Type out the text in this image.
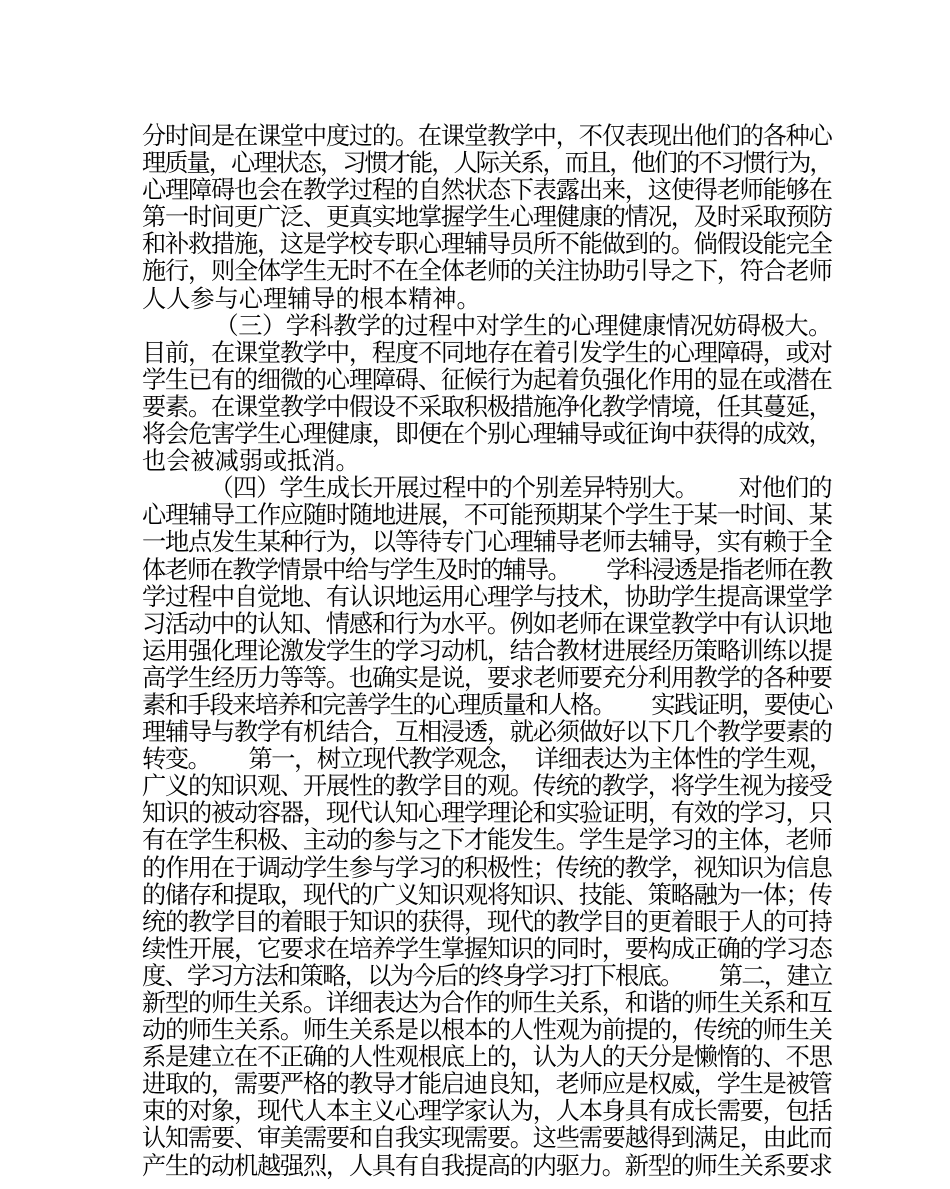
分时间是在课堂中度过的。在课堂教学中，不仅表现出他们的各种心
理质量，心理状态，习惯才能，人际关系，而且，他们的不习惯行为，
心理障碍也会在教学过程的自然状态下表露出来，这使得老师能够在
第一时间更广泛、更真实地掌握学生心理健康的情况，及时采取预防
和补救措施，这是学校专职心理辅导员所不能做到的。倘假设能完全
施行，则全体学生无时不在全体老师的关注协助引导之下，符合老师
人人参与心理辅导的根本精神。
（三）学科教学的过程中对学生的心理健康情况妨碍极大。
目前，在课堂教学中，程度不同地存在着引发学生的心理障碍，或对
学生已有的细微的心理障碍、征候行为起着负强化作用的显在或潜在
要素。在课堂教学中假设不采取积极措施净化教学情境，任其蔓延，
将会危害学生心理健康，即便在个别心理辅导或征询中获得的成效，
也会被减弱或抵消。
（四）学生成长开展过程中的个别差异特别大。      对他们的
心理辅导工作应随时随地进展，不可能预期某个学生于某一时间、某
一地点发生某种行为，以等待专门心理辅导老师去辅导，实有赖于全
体老师在教学情景中给与学生及时的辅导。      学科浸透是指老师在教
学过程中自觉地、有认识地运用心理学与技术，协助学生提高课堂学
习活动中的认知、情感和行为水平。例如老师在课堂教学中有认识地
运用强化理论激发学生的学习动机，结合教材进展经历策略训练以提
高学生经历力等等。也确实是说，要求老师要充分利用教学的各种要
素和手段来培养和完善学生的心理质量和人格。      实践证明，要使心
理辅导与教学有机结合，互相浸透，就必须做好以下几个教学要素的
转变。      第一，树立现代教学观念，  详细表达为主体性的学生观，
广义的知识观、开展性的教学目的观。传统的教学，将学生视为接受
知识的被动容器，现代认知心理学理论和实验证明，有效的学习，只
有在学生积极、主动的参与之下才能发生。学生是学习的主体，老师
的作用在于调动学生参与学习的积极性；传统的教学，视知识为信息
的储存和提取，现代的广义知识观将知识、技能、策略融为一体；传
统的教学目的着眼于知识的获得，现代的教学目的更着眼于人的可持
续性开展，它要求在培养学生掌握知识的同时，要构成正确的学习态
度、学习方法和策略，以为今后的终身学习打下根底。      第二，建立
新型的师生关系。详细表达为合作的师生关系，和谐的师生关系和互
动的师生关系。师生关系是以根本的人性观为前提的，传统的师生关
系是建立在不正确的人性观根底上的，认为人的天分是懒惰的、不思
进取的，需要严格的教导才能启迪良知，老师应是权威，学生是被管
束的对象，现代人本主义心理学家认为，人本身具有成长需要，包括
认知需要、审美需要和自我实现需要。这些需要越得到满足，由此而
产生的动机越强烈，人具有自我提高的内驱力。新型的师生关系要求
